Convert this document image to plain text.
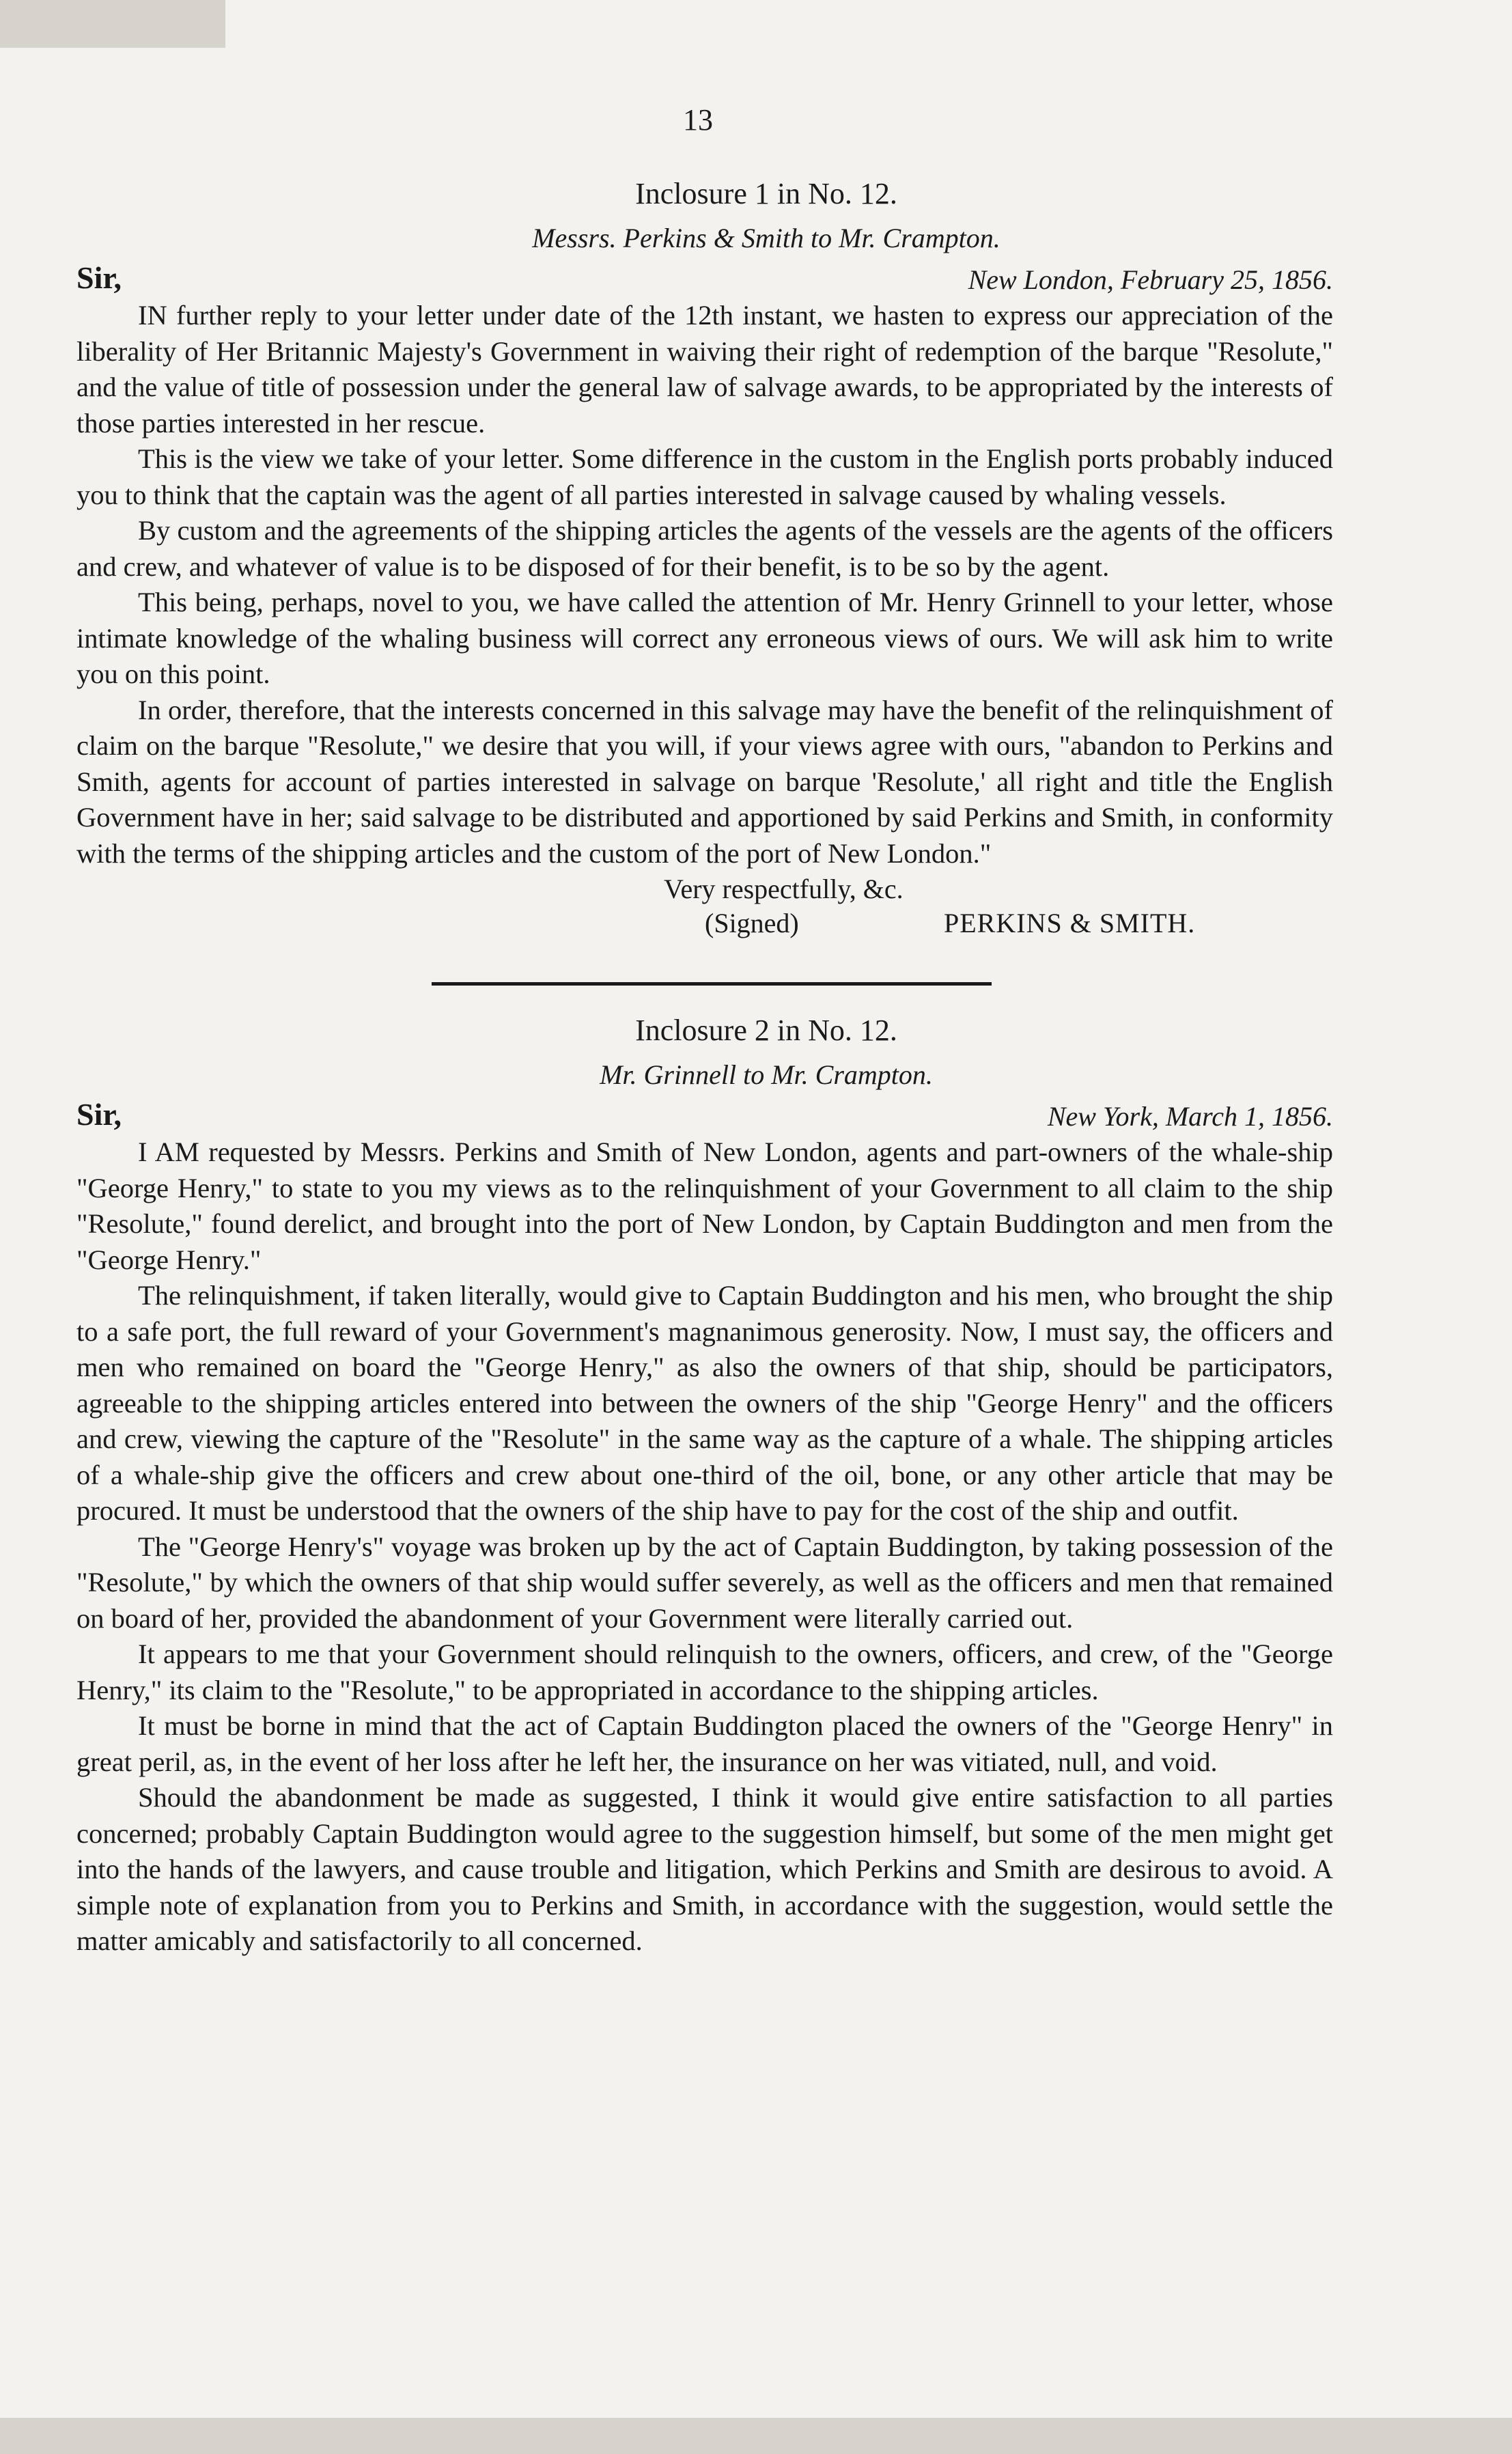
13
Inclosure 1 in No. 12.
Messrs. Perkins & Smith to Mr. Crampton.
Sir,	New London, February 25, 1856.

IN further reply to your letter under date of the 12th instant, we hasten to express our appreciation of the liberality of Her Britannic Majesty's Government in waiving their right of redemption of the barque "Resolute," and the value of title of possession under the general law of salvage awards, to be appropriated by the interests of those parties interested in her rescue.

This is the view we take of your letter. Some difference in the custom in the English ports probably induced you to think that the captain was the agent of all parties interested in salvage caused by whaling vessels.

By custom and the agreements of the shipping articles the agents of the vessels are the agents of the officers and crew, and whatever of value is to be disposed of for their benefit, is to be so by the agent.

This being, perhaps, novel to you, we have called the attention of Mr. Henry Grinnell to your letter, whose intimate knowledge of the whaling business will correct any erroneous views of ours. We will ask him to write you on this point.

In order, therefore, that the interests concerned in this salvage may have the benefit of the relinquishment of claim on the barque "Resolute," we desire that you will, if your views agree with ours, "abandon to Perkins and Smith, agents for account of parties interested in salvage on barque 'Resolute,' all right and title the English Government have in her; said salvage to be distributed and apportioned by said Perkins and Smith, in conformity with the terms of the shipping articles and the custom of the port of New London."

Very respectfully, &c.
(Signed)	PERKINS & SMITH.
Inclosure 2 in No. 12.
Mr. Grinnell to Mr. Crampton.
Sir,	New York, March 1, 1856.

I AM requested by Messrs. Perkins and Smith of New London, agents and part-owners of the whale-ship "George Henry," to state to you my views as to the relinquishment of your Government to all claim to the ship "Resolute," found derelict, and brought into the port of New London, by Captain Buddington and men from the "George Henry."

The relinquishment, if taken literally, would give to Captain Buddington and his men, who brought the ship to a safe port, the full reward of your Government's magnanimous generosity. Now, I must say, the officers and men who remained on board the "George Henry," as also the owners of that ship, should be participators, agreeable to the shipping articles entered into between the owners of the ship "George Henry" and the officers and crew, viewing the capture of the "Resolute" in the same way as the capture of a whale. The shipping articles of a whale-ship give the officers and crew about one-third of the oil, bone, or any other article that may be procured. It must be understood that the owners of the ship have to pay for the cost of the ship and outfit.

The "George Henry's" voyage was broken up by the act of Captain Buddington, by taking possession of the "Resolute," by which the owners of that ship would suffer severely, as well as the officers and men that remained on board of her, provided the abandonment of your Government were literally carried out.

It appears to me that your Government should relinquish to the owners, officers, and crew, of the "George Henry," its claim to the "Resolute," to be appropriated in accordance to the shipping articles.

It must be borne in mind that the act of Captain Buddington placed the owners of the "George Henry" in great peril, as, in the event of her loss after he left her, the insurance on her was vitiated, null, and void.

Should the abandonment be made as suggested, I think it would give entire satisfaction to all parties concerned; probably Captain Buddington would agree to the suggestion himself, but some of the men might get into the hands of the lawyers, and cause trouble and litigation, which Perkins and Smith are desirous to avoid. A simple note of explanation from you to Perkins and Smith, in accordance with the suggestion, would settle the matter amicably and satisfactorily to all concerned.
